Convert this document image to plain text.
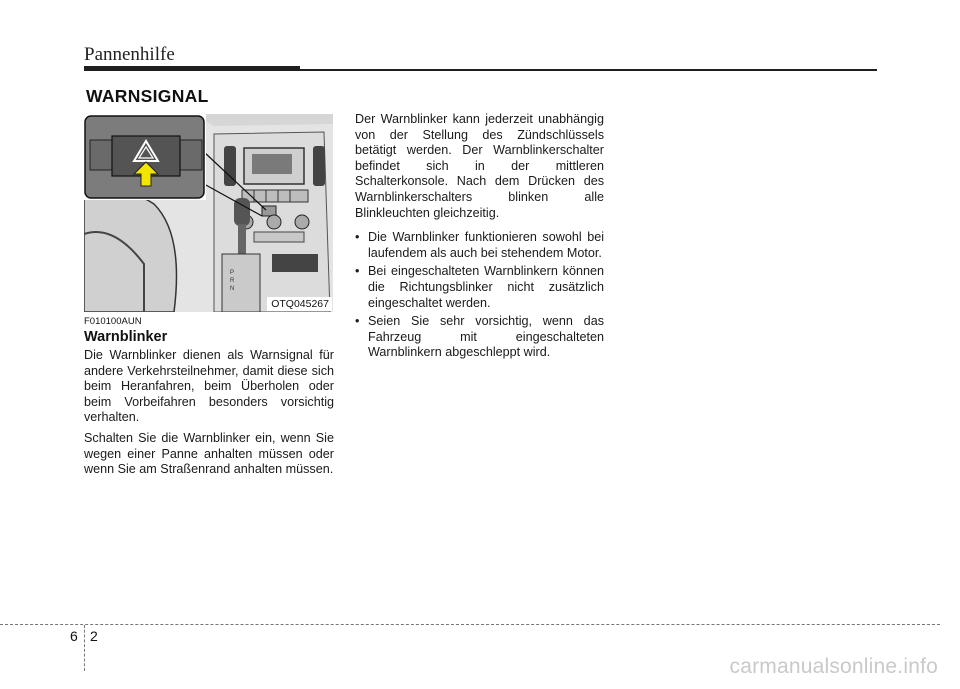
Pannenhilfe
WARNSIGNAL
P
R
N
OTQ045267
F010100AUN
Warnblinker

Die Warnblinker dienen als Warnsignal für andere Verkehrsteilnehmer, damit diese sich beim Heranfahren, beim Überholen oder beim Vorbeifahren besonders vorsichtig verhalten.

Schalten Sie die Warnblinker ein, wenn Sie wegen einer Panne anhalten müssen oder wenn Sie am Straßenrand anhalten müssen.

Der Warnblinker kann jederzeit unabhängig von der Stellung des Zündschlüssels betätigt werden. Der Warnblinkerschalter befindet sich in der mittleren Schalterkonsole. Nach dem Drücken des Warnblinkerschalters blinken alle Blinkleuchten gleichzeitig.

• Die Warnblinker funktionieren sowohl bei laufendem als auch bei stehendem Motor.
• Bei eingeschalteten Warnblinkern können die Richtungsblinker nicht zusätzlich eingeschaltet werden.
• Seien Sie sehr vorsichtig, wenn das Fahrzeug mit eingeschalteten Warnblinkern abgeschleppt wird.
6 2
carmanualsonline.info
